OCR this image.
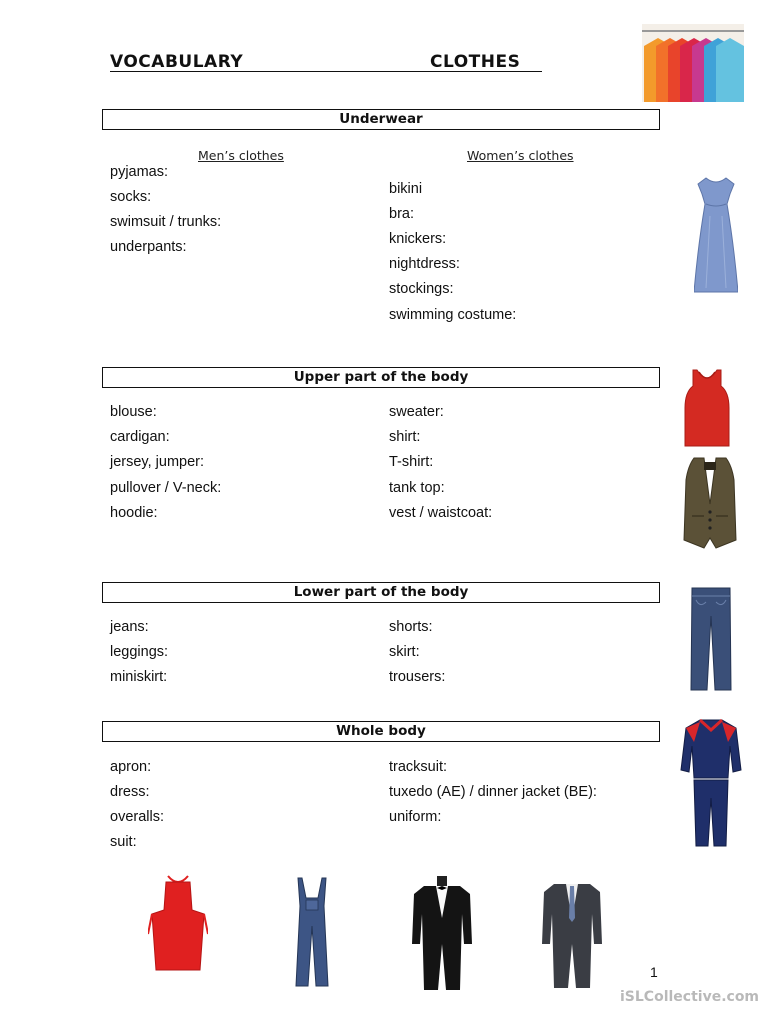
VOCABULARY	CLOTHES
Underwear
Men’s clothes	Women’s clothes
pyjamas:
socks:
swimsuit / trunks:
underpants:
bikini
bra:
knickers:
nightdress:
stockings:
swimming costume:
Upper part of the body
blouse:
cardigan:
jersey, jumper:
pullover / V-neck:
hoodie:
sweater:
shirt:
T-shirt:
tank top:
vest / waistcoat:
Lower part of the body
jeans:
leggings:
miniskirt:
shorts:
skirt:
trousers:
Whole body
apron:
dress:
overalls:
suit:
tracksuit:
tuxedo (AE) / dinner jacket (BE):
uniform:
1
iSLCollective.com
